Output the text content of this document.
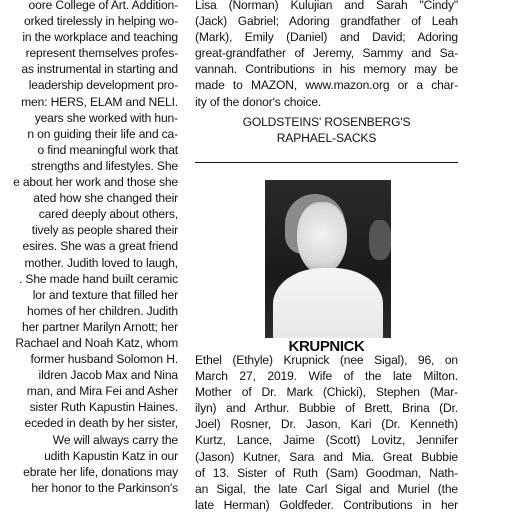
oore College of Art. Addition-
orked tirelessly in helping wo-
in the workplace and teaching
represent themselves profes-
as instrumental in starting and
leadership development pro-
men: HERS, ELAM and NELI.
years she worked with hun-
n on guiding their life and ca-
o find meaningful work that
strengths and lifestyles. She
e about her work and those she
ated how she changed their
cared deeply about others,
tively as people shared their
esires. She was a great friend
mother. Judith loved to laugh,
. She made hand built ceramic
lor and texture that filled her
homes of her children. Judith
her partner Marilyn Arnott; her
Rachael and Noah Katz, whom
former husband Solomon H.
ildren Jacob Max and Nina
man, and Mira Fei and Asher
sister Ruth Kapustin Haines.
eceded in death by her sister,
We will always carry the
udith Kapustin Katz in our
ebrate her life, donations may
her honor to the Parkinson's
Lisa (Norman) Kulujian and Sarah "Cindy"
(Jack) Gabriel; Adoring grandfather of Leah
(Mark), Emily (Daniel) and David; Adoring
great-grandfather of Jeremy, Sammy and Sa-
vannah. Contributions in his memory may be
made to MAZON, www.mazon.org or a char-
ity of the donor's choice.
GOLDSTEINS' ROSENBERG'S
RAPHAEL-SACKS
KRUPNICK
Ethel (Ethyle) Krupnick (nee Sigal), 96, on
March 27, 2019. Wife of the late Milton.
Mother of Dr. Mark (Chicki), Stephen (Mar-
ilyn) and Arthur. Bubbie of Brett, Brina (Dr.
Joel) Rosner, Dr. Jason, Kari (Dr. Kenneth)
Kurtz, Lance, Jaime (Scott) Lovitz, Jennifer
(Jason) Kutner, Sara and Mia. Great Bubbie
of 13. Sister of Ruth (Sam) Goodman, Nath-
an Sigal, the late Carl Sigal and Muriel (the
late Herman) Goldfeder. Contributions in her
